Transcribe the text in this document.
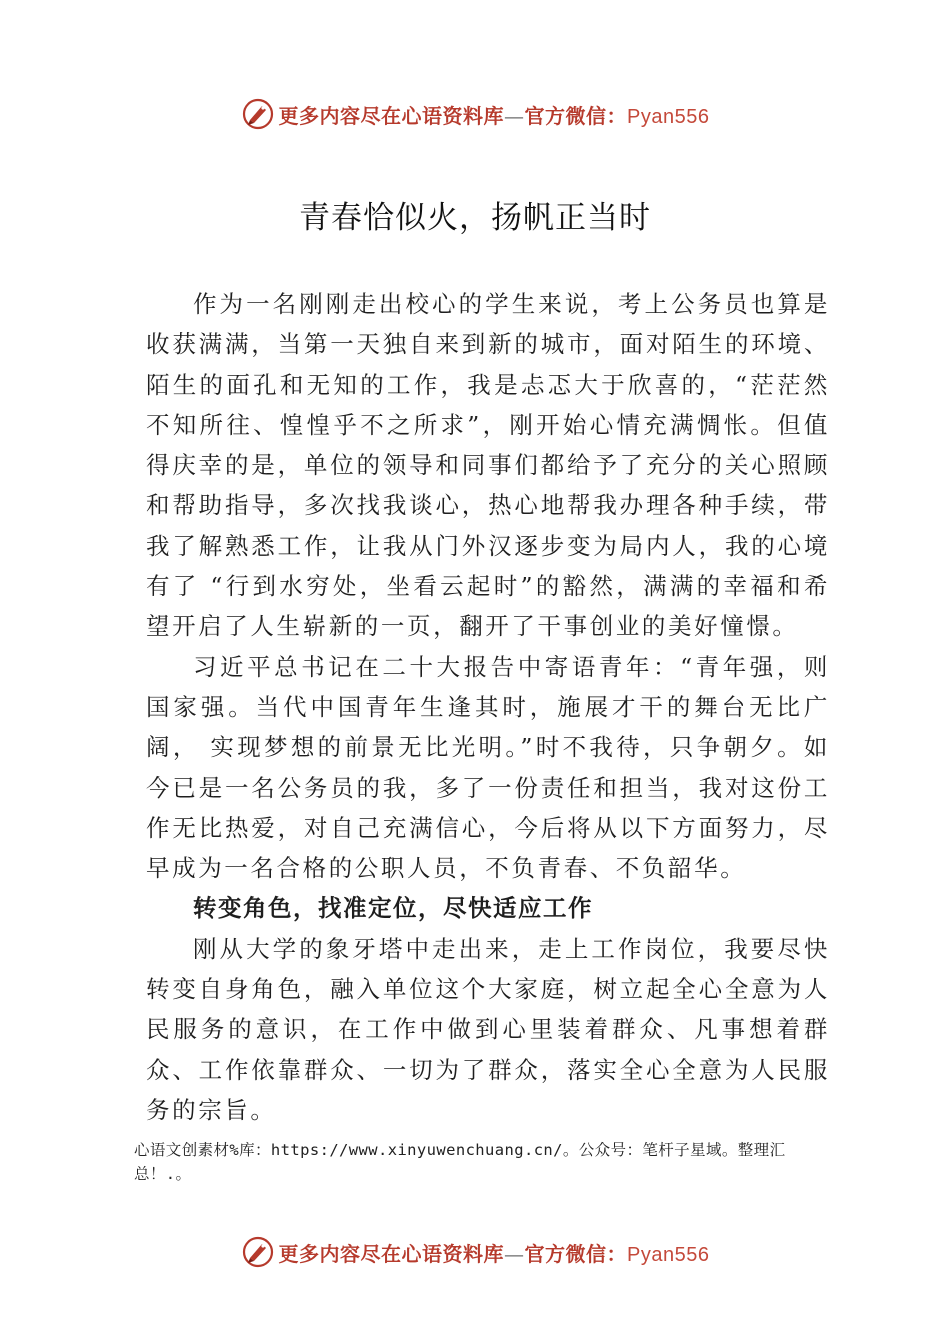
更多内容尽在心语资料库—官方微信：Pyan556
青春恰似火，扬帆正当时

作为一名刚刚走出校心的学生来说，考上公务员也算是收获满满，当第一天独自来到新的城市，面对陌生的环境、 陌生的面孔和无知的工作，我是忐忑大于欣喜的，“茫茫然不知所往、惶惶乎不之所求”，刚开始心情充满惆怅。但值得庆幸的是，单位的领导和同事们都给予了充分的关心照顾和帮助指导，多次找我谈心，热心地帮我办理各种手续，带我了解熟悉工作，让我从门外汉逐步变为局内人，我的心境有了 “行到水穷处，坐看云起时”的豁然，满满的幸福和希望开启了人生崭新的一页，翻开了干事创业的美好憧憬。

习近平总书记在二十大报告中寄语青年：“青年强，则国家强。当代中国青年生逢其时，施展才干的舞台无比广阔， 实现梦想的前景无比光明。”时不我待，只争朝夕。如今已是一名公务员的我，多了一份责任和担当，我对这份工作无比热爱，对自己充满信心，今后将从以下方面努力，尽早成为一名合格的公职人员，不负青春、不负韶华。

转变角色，找准定位，尽快适应工作

刚从大学的象牙塔中走出来，走上工作岗位，我要尽快转变自身角色，融入单位这个大家庭，树立起全心全意为人民服务的意识，在工作中做到心里装着群众、凡事想着群众、工作依靠群众、一切为了群众，落实全心全意为人民服务的宗旨。

心语文创素材%库：https://www.xinyuwenchuang.cn/。公众号：笔杆子星域。整理汇总！.。
更多内容尽在心语资料库—官方微信：Pyan556
